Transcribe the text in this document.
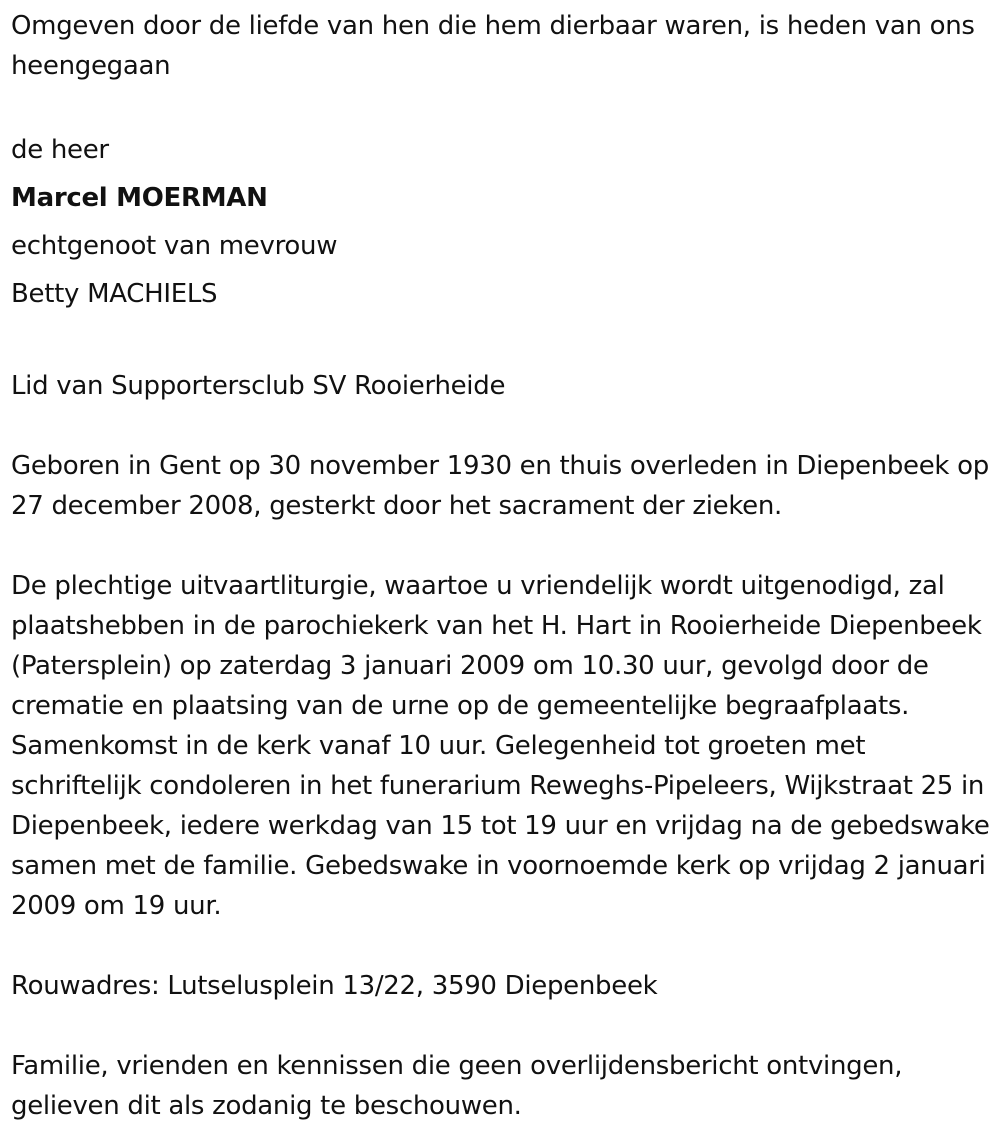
Omgeven door de liefde van hen die hem dierbaar waren, is heden van ons heengegaan

de heer

Marcel MOERMAN

echtgenoot van mevrouw

Betty MACHIELS

Lid van Supportersclub SV Rooierheide

Geboren in Gent op 30 november 1930 en thuis overleden in Diepenbeek op 27 december 2008, gesterkt door het sacrament der zieken.

De plechtige uitvaartliturgie, waartoe u vriendelijk wordt uitgenodigd, zal plaatshebben in de parochiekerk van het H. Hart in Rooierheide Diepenbeek (Patersplein) op zaterdag 3 januari 2009 om 10.30 uur, gevolgd door de crematie en plaatsing van de urne op de gemeentelijke begraafplaats. Samenkomst in de kerk vanaf 10 uur. Gelegenheid tot groeten met schriftelijk condoleren in het funerarium Reweghs-Pipeleers, Wijkstraat 25 in Diepenbeek, iedere werkdag van 15 tot 19 uur en vrijdag na de gebedswake samen met de familie. Gebedswake in voornoemde kerk op vrijdag 2 januari 2009 om 19 uur.

Rouwadres: Lutselusplein 13/22, 3590 Diepenbeek

Familie, vrienden en kennissen die geen overlijdensbericht ontvingen, gelieven dit als zodanig te beschouwen.
